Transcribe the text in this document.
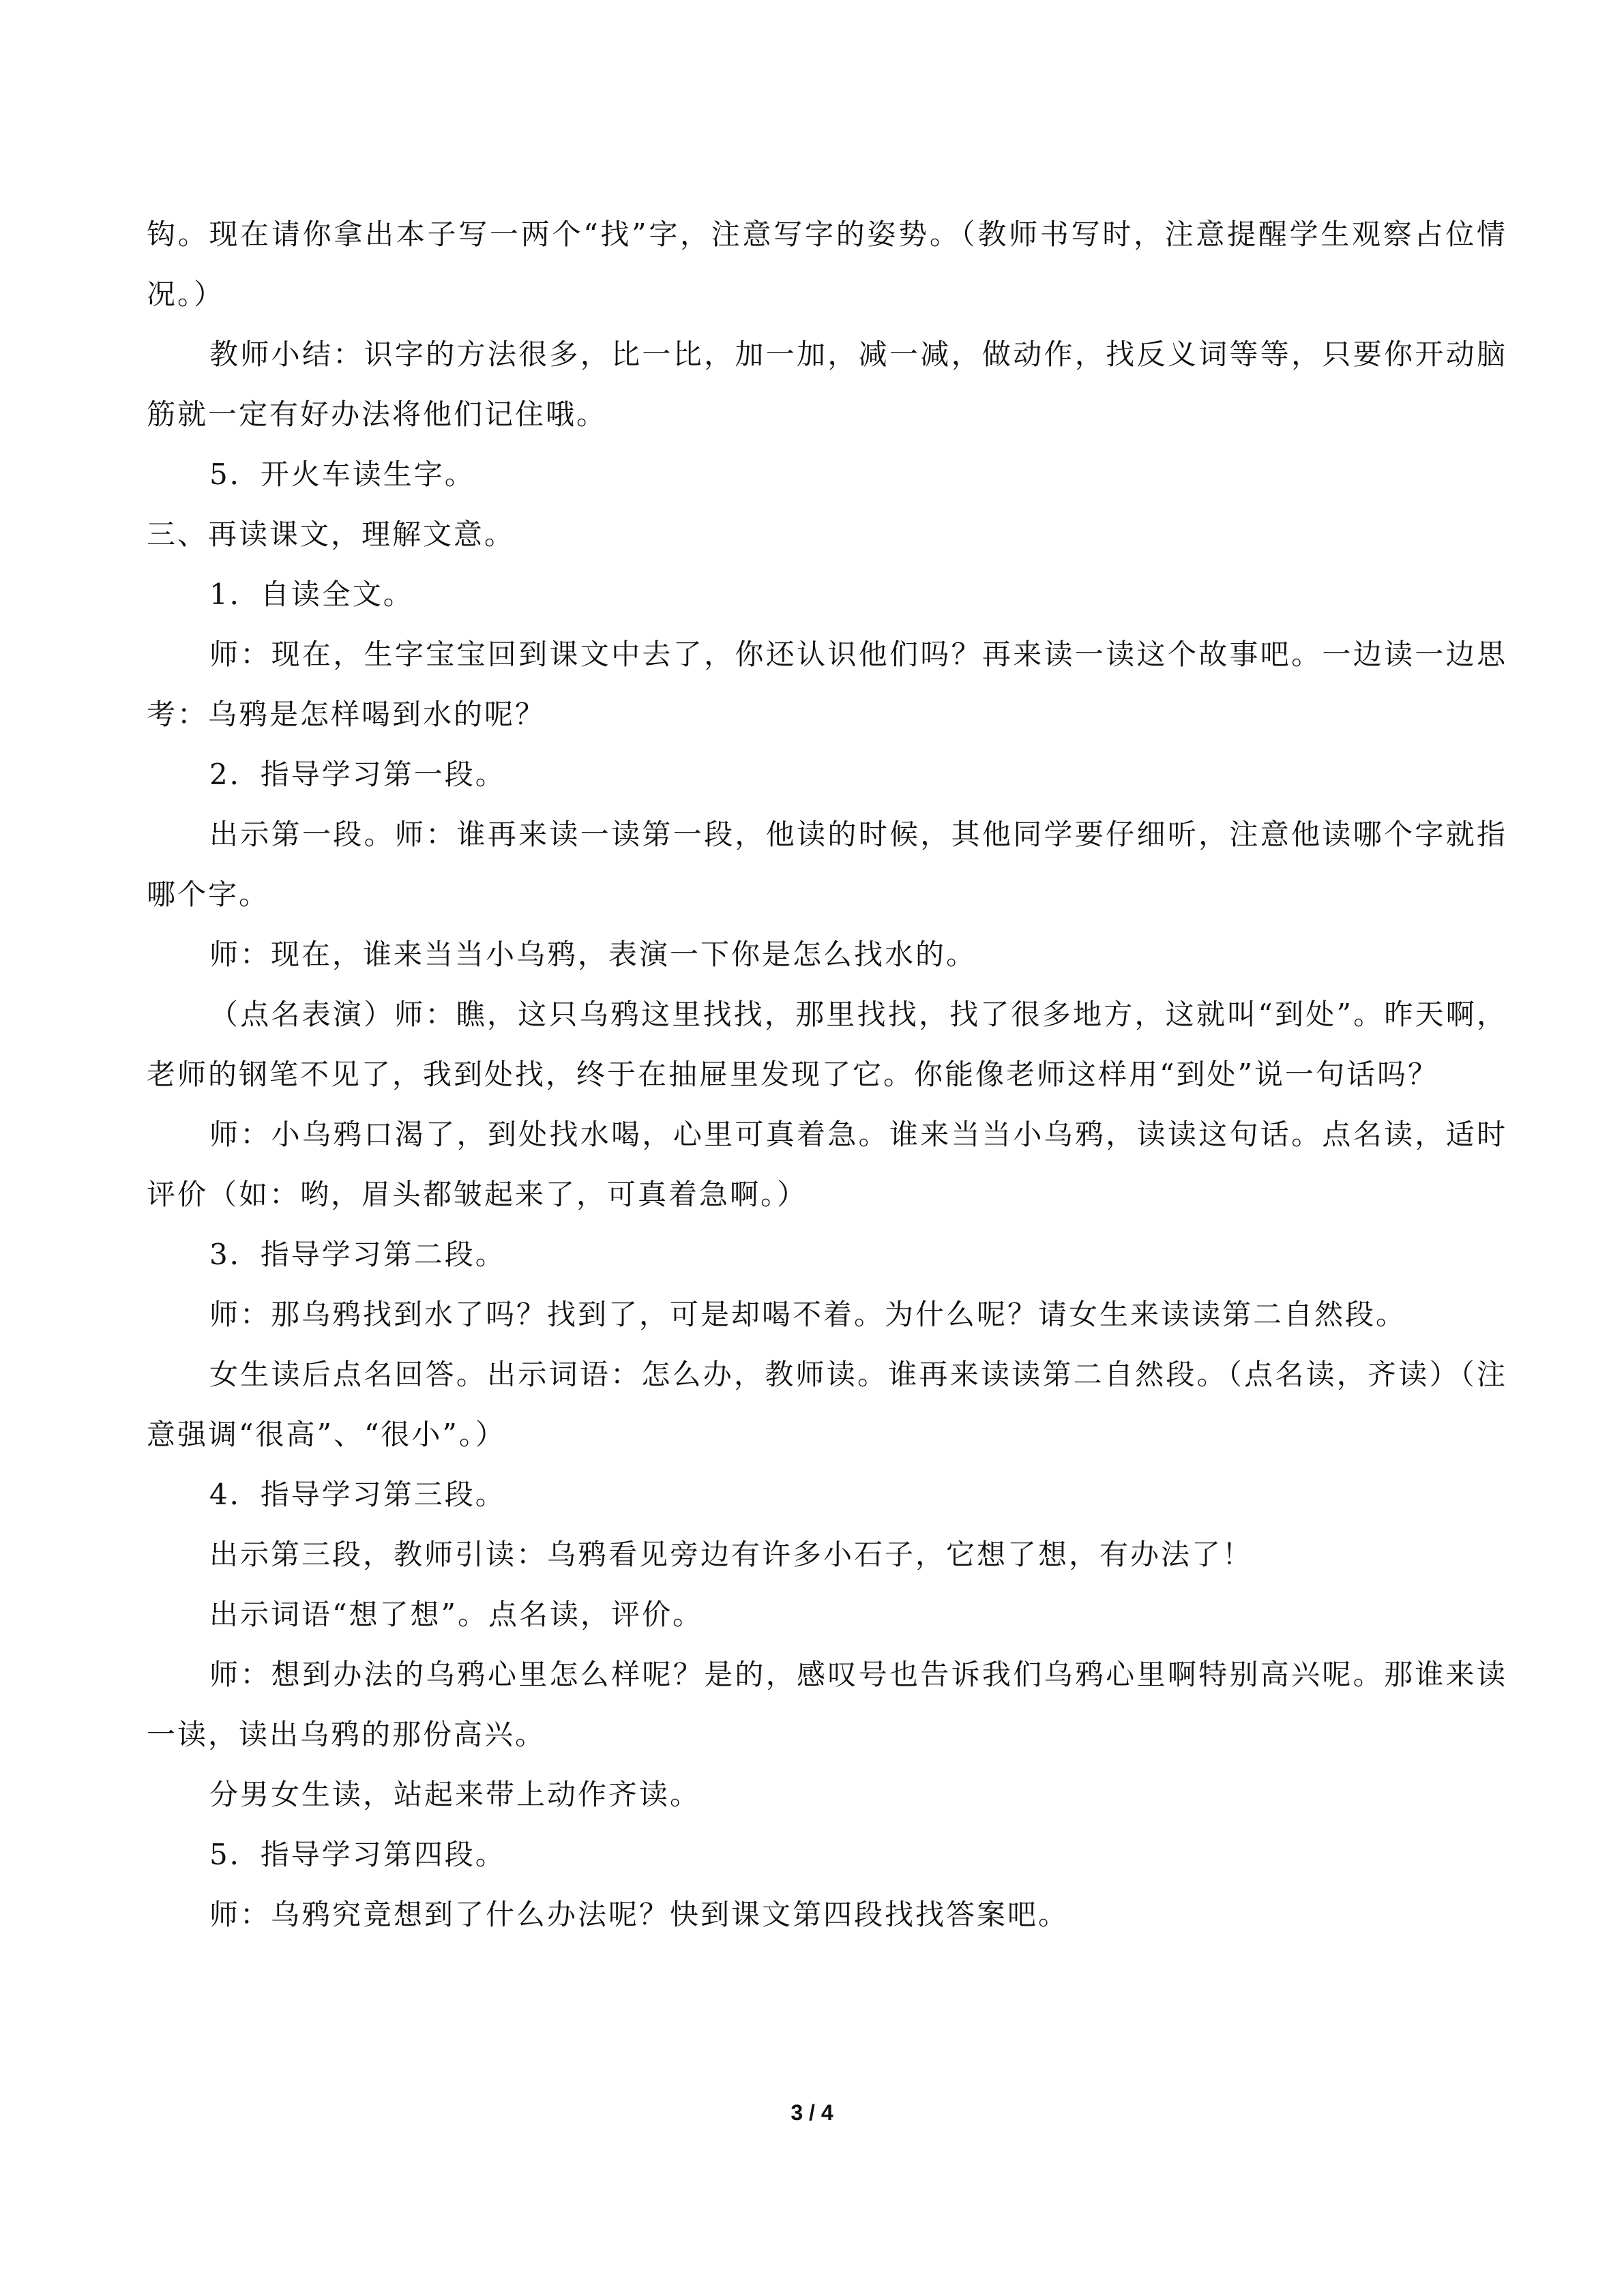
钩。现在请你拿出本子写一两个“找”字，注意写字的姿势。（教师书写时，注意提醒学生观察占位情况。）

教师小结：识字的方法很多，比一比，加一加，减一减，做动作，找反义词等等，只要你开动脑筋就一定有好办法将他们记住哦。

5．开火车读生字。

三、再读课文，理解文意。

1．自读全文。

师：现在，生字宝宝回到课文中去了，你还认识他们吗？再来读一读这个故事吧。一边读一边思考：乌鸦是怎样喝到水的呢？

2．指导学习第一段。

出示第一段。师：谁再来读一读第一段，他读的时候，其他同学要仔细听，注意他读哪个字就指哪个字。

师：现在，谁来当当小乌鸦，表演一下你是怎么找水的。

（点名表演）师：瞧，这只乌鸦这里找找，那里找找，找了很多地方，这就叫“到处”。昨天啊，老师的钢笔不见了，我到处找，终于在抽屉里发现了它。你能像老师这样用“到处”说一句话吗？

师：小乌鸦口渴了，到处找水喝，心里可真着急。谁来当当小乌鸦，读读这句话。点名读，适时评价（如：哟，眉头都皱起来了，可真着急啊。）

3．指导学习第二段。

师：那乌鸦找到水了吗？找到了，可是却喝不着。为什么呢？请女生来读读第二自然段。

女生读后点名回答。出示词语：怎么办，教师读。谁再来读读第二自然段。（点名读，齐读）（注意强调“很高”、“很小”。）

4．指导学习第三段。

出示第三段，教师引读：乌鸦看见旁边有许多小石子，它想了想，有办法了！

出示词语“想了想”。点名读，评价。

师：想到办法的乌鸦心里怎么样呢？是的，感叹号也告诉我们乌鸦心里啊特别高兴呢。那谁来读一读，读出乌鸦的那份高兴。

分男女生读，站起来带上动作齐读。

5．指导学习第四段。

师：乌鸦究竟想到了什么办法呢？快到课文第四段找找答案吧。

3 / 4
